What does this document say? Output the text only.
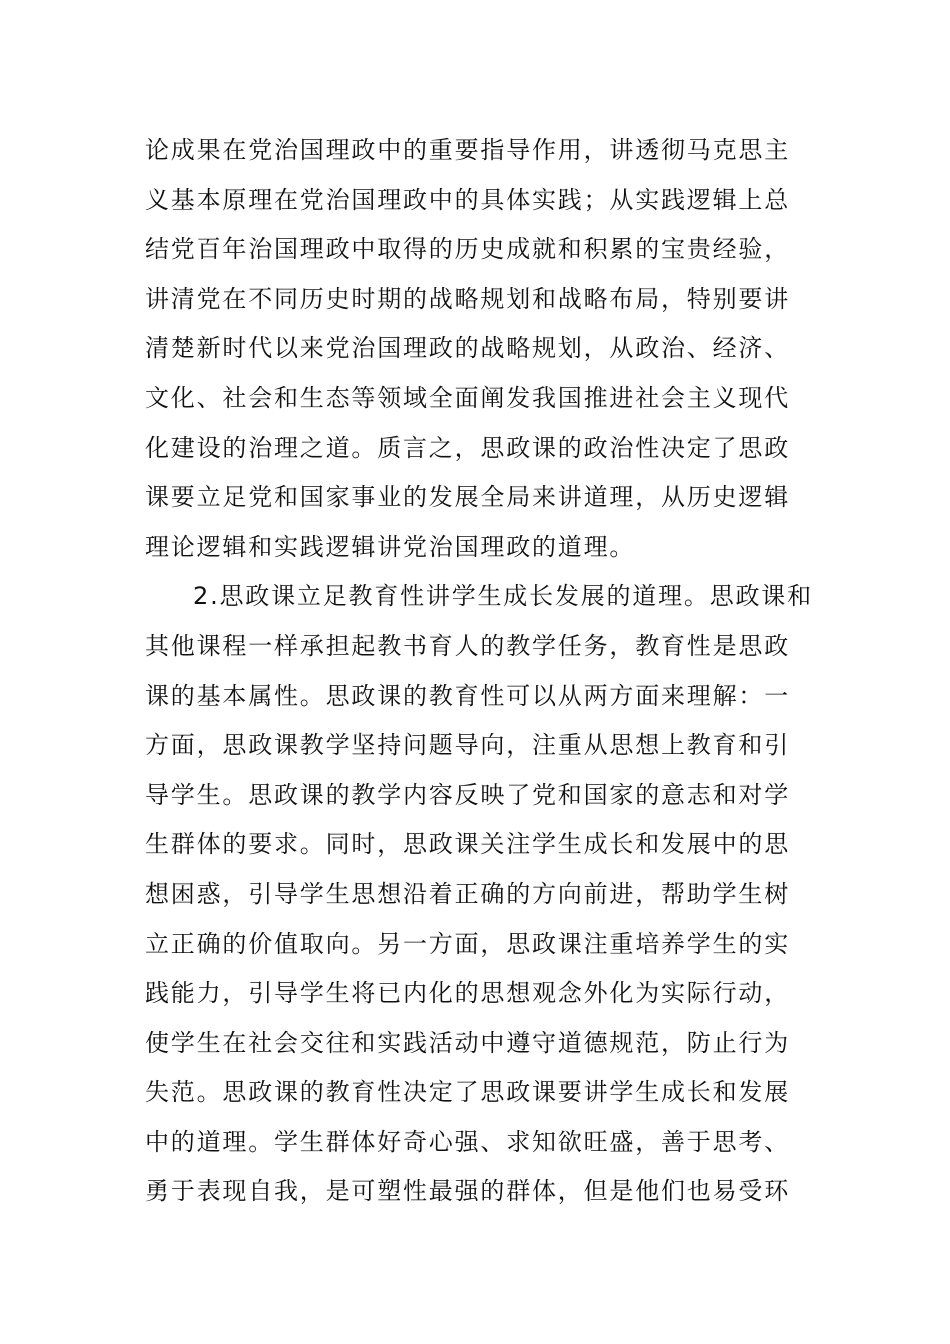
论成果在党治国理政中的重要指导作用，讲透彻马克思主
义基本原理在党治国理政中的具体实践；从实践逻辑上总
结党百年治国理政中取得的历史成就和积累的宝贵经验，
讲清党在不同历史时期的战略规划和战略布局，特别要讲
清楚新时代以来党治国理政的战略规划，从政治、经济、
文化、社会和生态等领域全面阐发我国推进社会主义现代
化建设的治理之道。质言之，思政课的政治性决定了思政
课要立足党和国家事业的发展全局来讲道理，从历史逻辑
理论逻辑和实践逻辑讲党治国理政的道理。
2.思政课立足教育性讲学生成长发展的道理。思政课和
其他课程一样承担起教书育人的教学任务，教育性是思政
课的基本属性。思政课的教育性可以从两方面来理解：一
方面，思政课教学坚持问题导向，注重从思想上教育和引
导学生。思政课的教学内容反映了党和国家的意志和对学
生群体的要求。同时，思政课关注学生成长和发展中的思
想困惑，引导学生思想沿着正确的方向前进，帮助学生树
立正确的价值取向。另一方面，思政课注重培养学生的实
践能力，引导学生将已内化的思想观念外化为实际行动，
使学生在社会交往和实践活动中遵守道德规范，防止行为
失范。思政课的教育性决定了思政课要讲学生成长和发展
中的道理。学生群体好奇心强、求知欲旺盛，善于思考、
勇于表现自我，是可塑性最强的群体，但是他们也易受环
